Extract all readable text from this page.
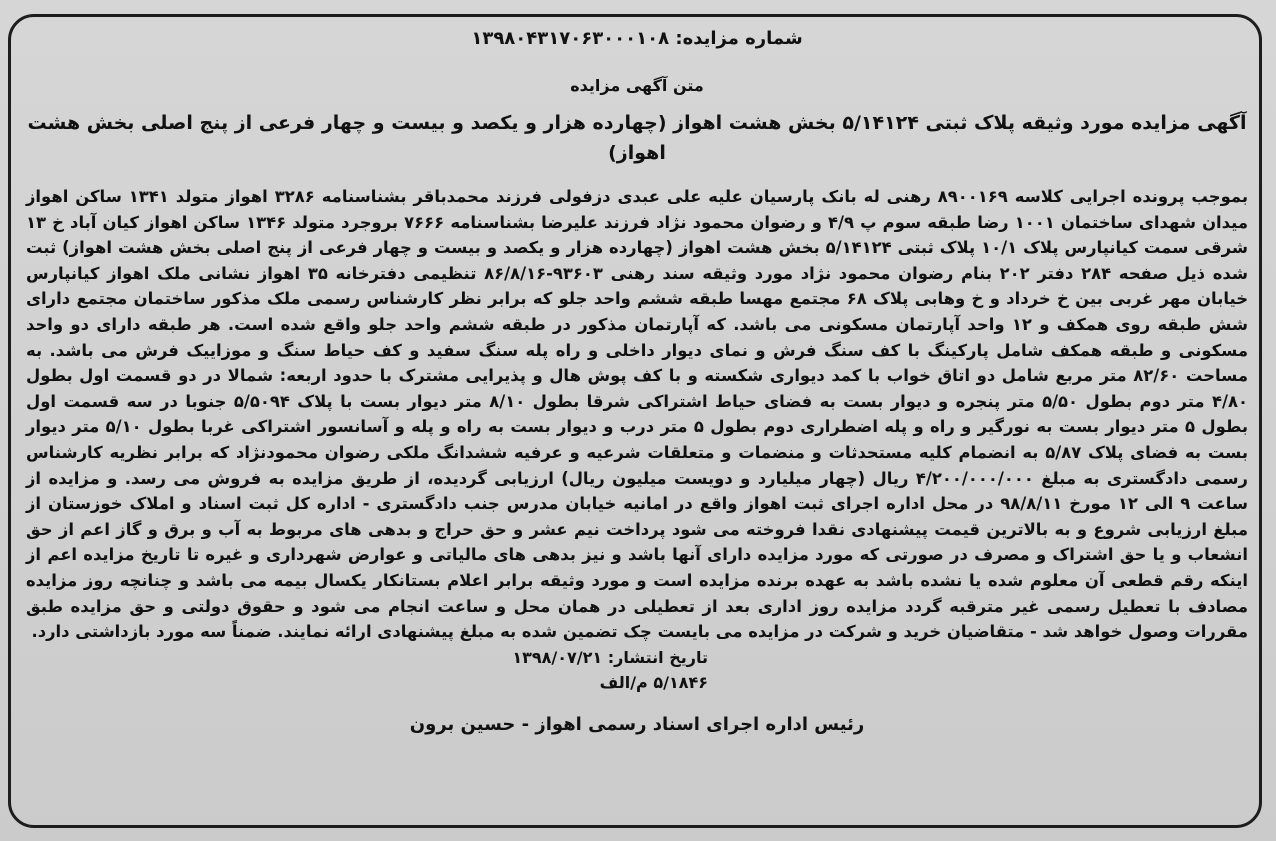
شماره مزایده: ۱۳۹۸۰۴۳۱۷۰۶۳۰۰۰۱۰۸
متن آگهی مزایده
آگهی مزایده مورد وثیقه پلاک ثبتی ۵/۱۴۱۲۴ بخش هشت اهواز (چهارده هزار و یکصد و بیست و چهار فرعی از پنج اصلی بخش هشت اهواز)
بموجب پرونده اجرایی کلاسه ۸۹۰۰۱۶۹ رهنی له بانک پارسیان علیه علی عبدی دزفولی فرزند محمدباقر بشناسنامه ۳۲۸۶ اهواز متولد ۱۳۴۱ ساکن اهواز میدان شهدای ساختمان ۱۰۰۱ رضا طبقه سوم پ ۴/۹ و رضوان محمود نژاد فرزند علیرضا بشناسنامه ۷۶۶۶ بروجرد متولد ۱۳۴۶ ساکن اهواز کیان آباد خ ۱۳ شرقی سمت کیانپارس پلاک ۱۰/۱ پلاک ثبتی ۵/۱۴۱۲۴ بخش هشت اهواز (چهارده هزار و یکصد و بیست و چهار فرعی از پنج اصلی بخش هشت اهواز) ثبت شده ذیل صفحه ۲۸۴ دفتر ۲۰۲ بنام رضوان محمود نژاد مورد وثیقه سند رهنی ۹۳۶۰۳-۸۶/۸/۱۶ تنظیمی دفترخانه ۳۵ اهواز نشانی ملک اهواز کیانپارس خیابان مهر غربی بین خ خرداد و خ وهابی پلاک ۶۸ مجتمع مهسا طبقه ششم واحد جلو که برابر نظر کارشناس رسمی ملک مذکور ساختمان مجتمع دارای شش طبقه روی همکف و ۱۲ واحد آپارتمان مسکونی می باشد. که آپارتمان مذکور در طبقه ششم واحد جلو واقع شده است. هر طبقه دارای دو واحد مسکونی و طبقه همکف شامل پارکینگ با کف سنگ فرش و نمای دیوار داخلی و راه پله سنگ سفید و کف حیاط سنگ و موزاییک فرش می باشد. به مساحت ۸۲/۶۰ متر مربع شامل دو اتاق خواب با کمد دیواری شکسته و با کف پوش هال و پذیرایی مشترک با حدود اربعه: شمالا در دو قسمت اول بطول ۴/۸۰ متر دوم بطول ۵/۵۰ متر پنجره و دیوار بست به فضای حیاط اشتراکی شرقا بطول ۸/۱۰ متر دیوار بست با پلاک ۵/۵۰۹۴ جنوبا در سه قسمت اول بطول ۵ متر دیوار بست به نورگیر و راه و پله اضطراری دوم بطول ۵ متر درب و دیوار بست به راه و پله و آسانسور اشتراکی غربا بطول ۵/۱۰ متر دیوار بست به فضای پلاک ۵/۸۷ به انضمام کلیه مستحدثات و منضمات و متعلقات شرعیه و عرفیه ششدانگ ملکی رضوان محمودنژاد که برابر نظریه کارشناس رسمی دادگستری به مبلغ ۴/۲۰۰/۰۰۰/۰۰۰ ریال (چهار میلیارد و دویست میلیون ریال) ارزیابی گردیده، از طریق مزایده به فروش می رسد. و مزایده از ساعت ۹ الی ۱۲ مورخ ۹۸/۸/۱۱ در محل اداره اجرای ثبت اهواز واقع در امانیه خیابان مدرس جنب دادگستری - اداره کل ثبت اسناد و املاک خوزستان از مبلغ ارزیابی شروع و به بالاترین قیمت پیشنهادی نقدا فروخته می شود پرداخت نیم عشر و حق حراج و بدهی های مربوط به آب و برق و گاز اعم از حق انشعاب و یا حق اشتراک و مصرف در صورتی که مورد مزایده دارای آنها باشد و نیز بدهی های مالیاتی و عوارض شهرداری و غیره تا تاریخ مزایده اعم از اینکه رقم قطعی آن معلوم شده یا نشده باشد به عهده برنده مزایده است و مورد وثیقه برابر اعلام بستانکار یکسال بیمه می باشد و چنانچه روز مزایده مصادف با تعطیل رسمی غیر مترقبه گردد مزایده روز اداری بعد از تعطیلی در همان محل و ساعت انجام می شود و حقوق دولتی و حق مزایده طبق مقررات وصول خواهد شد - متقاضیان خرید و شرکت در مزایده می بایست چک تضمین شده به مبلغ پیشنهادی ارائه نمایند. ضمناً سه مورد بازداشتی دارد.
تاریخ انتشار: ۱۳۹۸/۰۷/۲۱
۵/۱۸۴۶ م/الف
رئیس اداره اجرای اسناد رسمی اهواز - حسین برون
